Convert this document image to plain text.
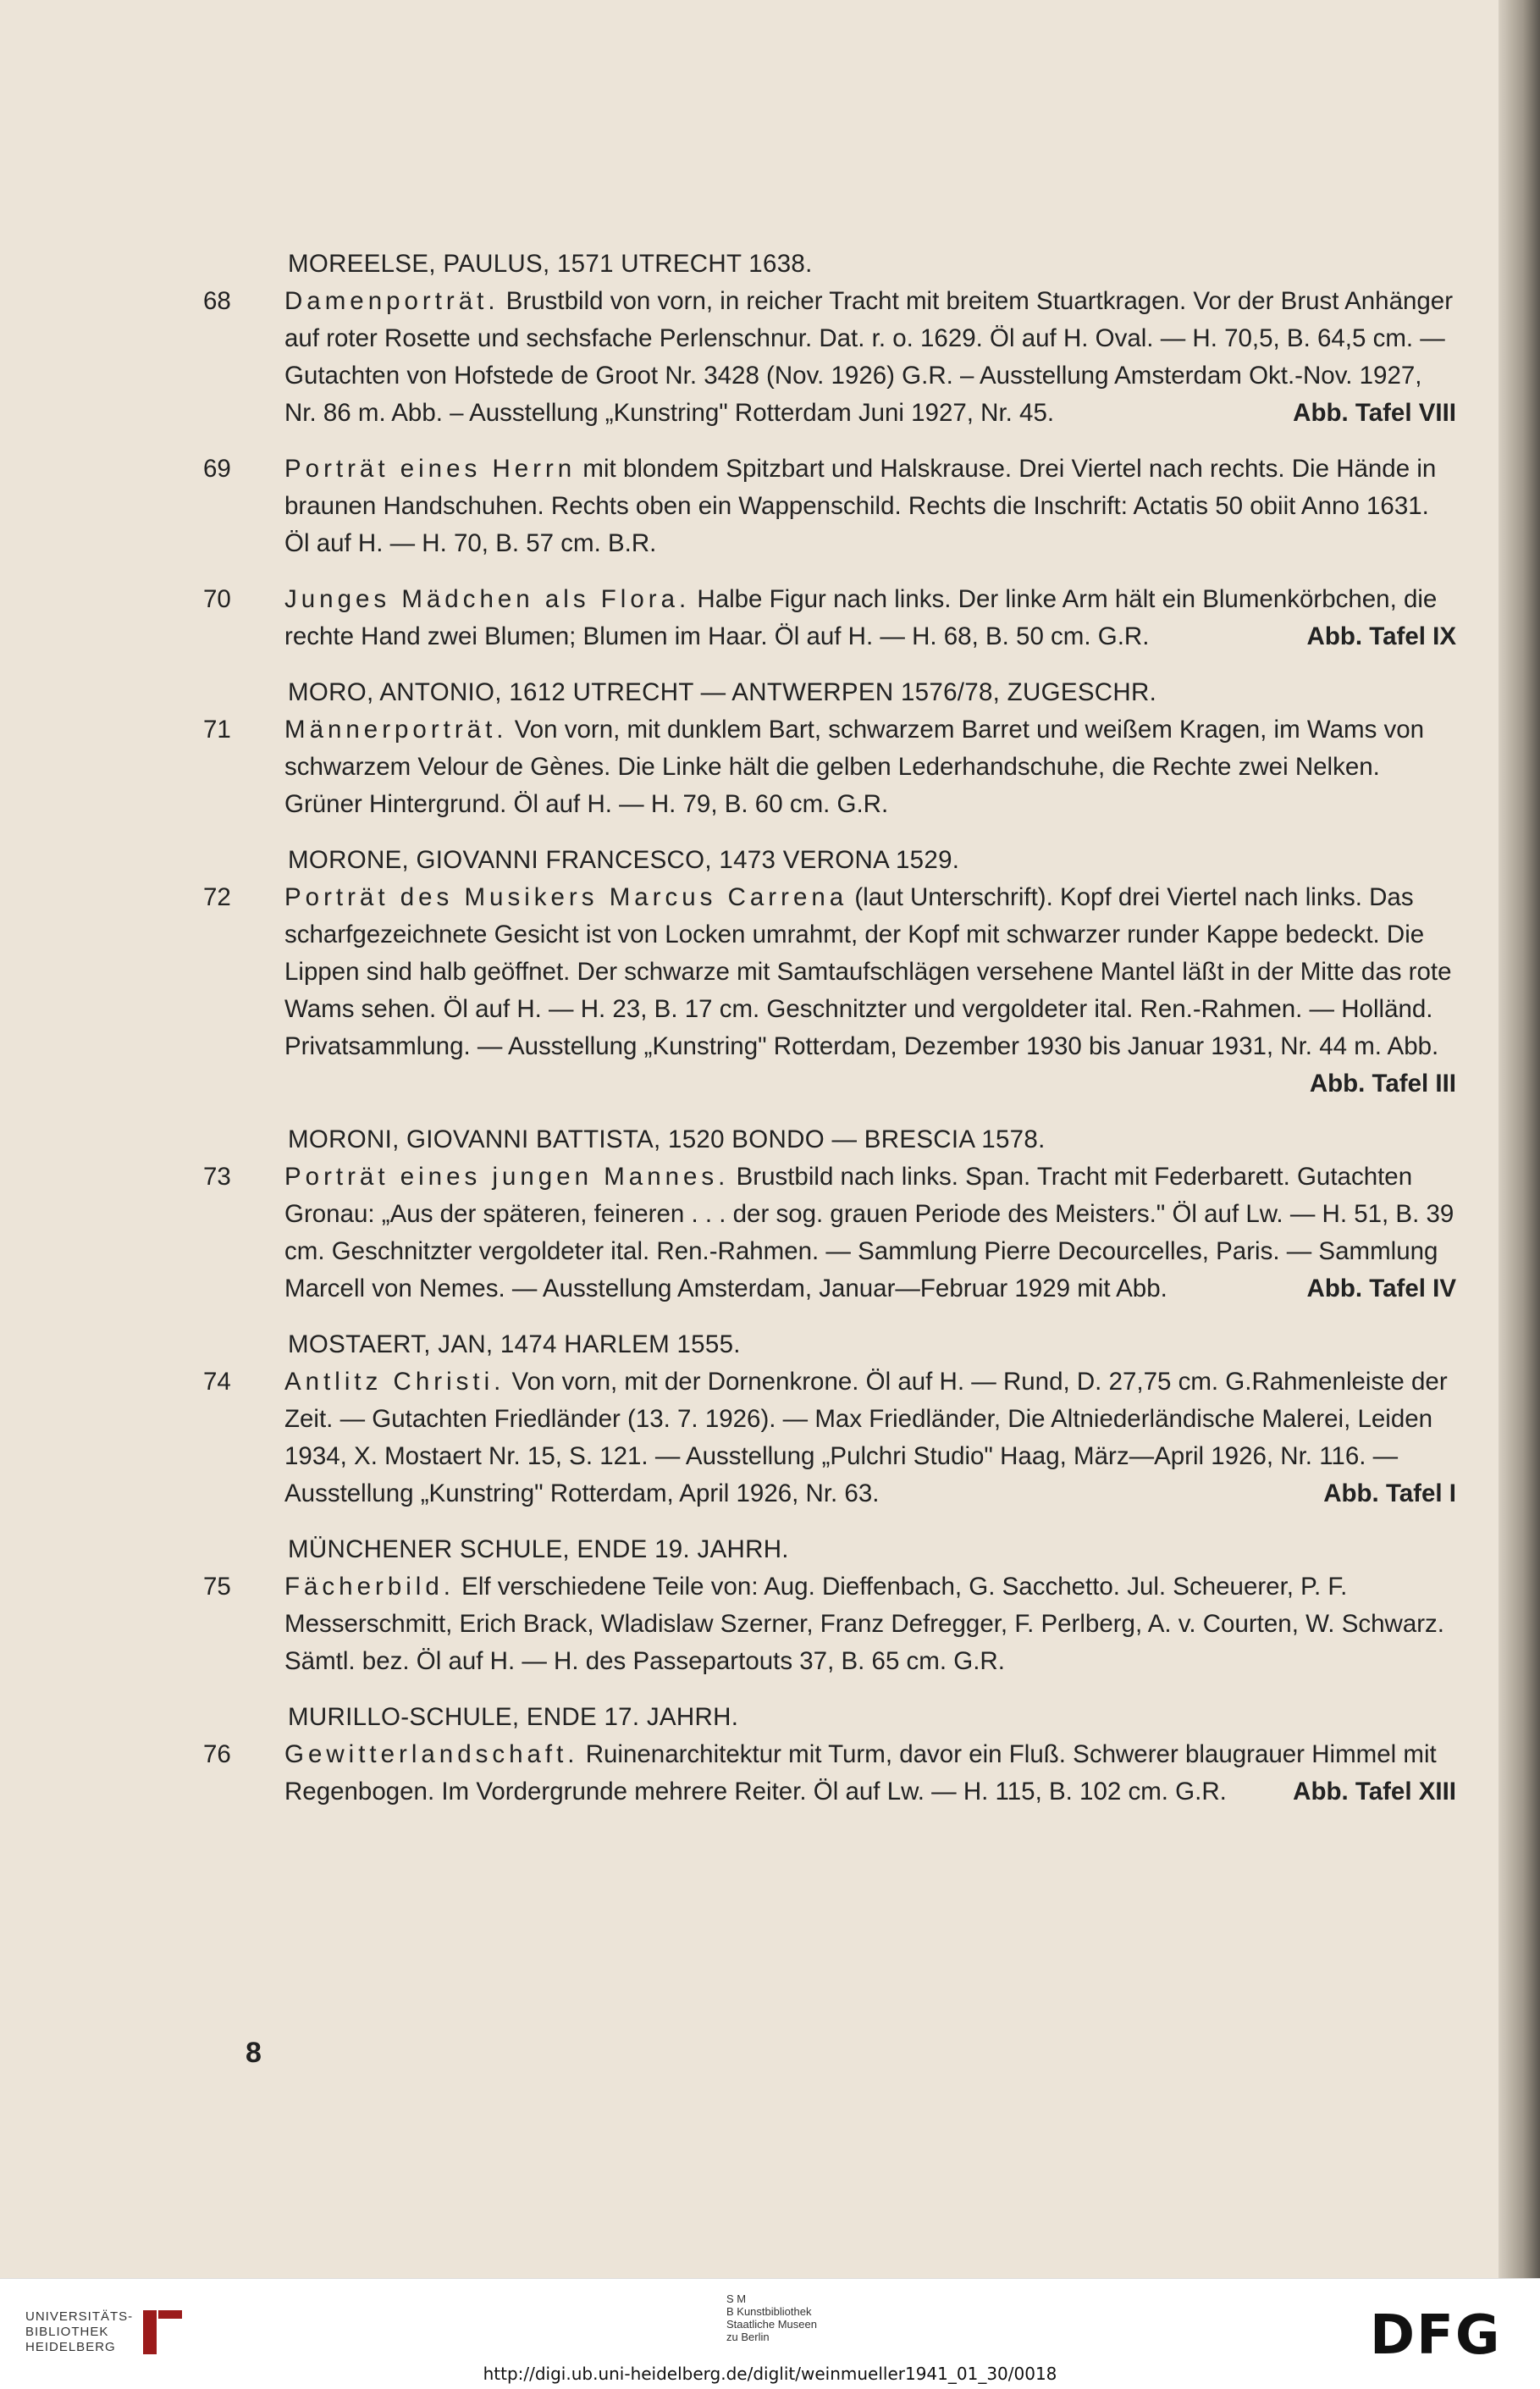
MOREELSE, PAULUS, 1571 UTRECHT 1638.
68 Damenporträt. Brustbild von vorn, in reicher Tracht mit breitem Stuartkragen. Vor der Brust Anhänger auf roter Rosette und sechsfache Perlenschnur. Dat. r. o. 1629. Öl auf H. Oval. — H. 70,5, B. 64,5 cm. — Gutachten von Hofstede de Groot Nr. 3428 (Nov. 1926) G.R. – Ausstellung Amsterdam Okt.-Nov. 1927, Nr. 86 m. Abb. – Ausstellung „Kunstring" Rotterdam Juni 1927, Nr. 45.	Abb. Tafel VIII
69 Porträt eines Herrn mit blondem Spitzbart und Halskrause. Drei Viertel nach rechts. Die Hände in braunen Handschuhen. Rechts oben ein Wappenschild. Rechts die Inschrift: Actatis 50 obiit Anno 1631. Öl auf H. — H. 70, B. 57 cm. B.R.
70 Junges Mädchen als Flora. Halbe Figur nach links. Der linke Arm hält ein Blumenkörbchen, die rechte Hand zwei Blumen; Blumen im Haar. Öl auf H. — H. 68, B. 50 cm. G.R.	Abb. Tafel IX
MORO, ANTONIO, 1612 UTRECHT — ANTWERPEN 1576/78, ZUGESCHR.
71 Männerporträt. Von vorn, mit dunklem Bart, schwarzem Barret und weißem Kragen, im Wams von schwarzem Velour de Gènes. Die Linke hält die gelben Lederhandschuhe, die Rechte zwei Nelken. Grüner Hintergrund. Öl auf H. — H. 79, B. 60 cm. G.R.
MORONE, GIOVANNI FRANCESCO, 1473 VERONA 1529.
72 Porträt des Musikers Marcus Carrena (laut Unterschrift). Kopf drei Viertel nach links. Das scharfgezeichnete Gesicht ist von Locken umrahmt, der Kopf mit schwarzer runder Kappe bedeckt. Die Lippen sind halb geöffnet. Der schwarze mit Samtaufschlägen versehene Mantel läßt in der Mitte das rote Wams sehen. Öl auf H. — H. 23, B. 17 cm. Geschnitzter und vergoldeter ital. Ren.-Rahmen. — Holländ. Privatsammlung. — Ausstellung „Kunstring" Rotterdam, Dezember 1930 bis Januar 1931, Nr. 44 m. Abb.
Abb. Tafel III
MORONI, GIOVANNI BATTISTA, 1520 BONDO — BRESCIA 1578.
73 Porträt eines jungen Mannes. Brustbild nach links. Span. Tracht mit Federbarett. Gutachten Gronau: „Aus der späteren, feineren . . . der sog. grauen Periode des Meisters." Öl auf Lw. — H. 51, B. 39 cm. Geschnitzter vergoldeter ital. Ren.-Rahmen. — Sammlung Pierre Decourcelles, Paris. — Sammlung Marcell von Nemes. — Ausstellung Amsterdam, Januar—Februar 1929 mit Abb.	Abb. Tafel IV
MOSTAERT, JAN, 1474 HARLEM 1555.
74 Antlitz Christi. Von vorn, mit der Dornenkrone. Öl auf H. — Rund, D. 27,75 cm. G.Rahmenleiste der Zeit. — Gutachten Friedländer (13. 7. 1926). — Max Friedländer, Die Altniederländische Malerei, Leiden 1934, X. Mostaert Nr. 15, S. 121. — Ausstellung „Pulchri Studio" Haag, März—April 1926, Nr. 116. — Ausstellung „Kunstring" Rotterdam, April 1926, Nr. 63.	Abb. Tafel I
MÜNCHENER SCHULE, ENDE 19. JAHRH.
75 Fächerbild. Elf verschiedene Teile von: Aug. Dieffenbach, G. Sacchetto. Jul. Scheuerer, P. F. Messerschmitt, Erich Brack, Wladislaw Szerner, Franz Defregger, F. Perlberg, A. v. Courten, W. Schwarz. Sämtl. bez. Öl auf H. — H. des Passepartouts 37, B. 65 cm. G.R.
MURILLO-SCHULE, ENDE 17. JAHRH.
76 Gewitterlandschaft. Ruinenarchitektur mit Turm, davor ein Fluß. Schwerer blaugrauer Himmel mit Regenbogen. Im Vordergrunde mehrere Reiter. Öl auf Lw. — H. 115, B. 102 cm. G.R.	Abb. Tafel XIII
8
UNIVERSITÄTS-
BIBLIOTHEK
HEIDELBERG
S M
B Kunstbibliothek
Staatliche Museen
zu Berlin	DFG
http://digi.ub.uni-heidelberg.de/diglit/weinmueller1941_01_30/0018
